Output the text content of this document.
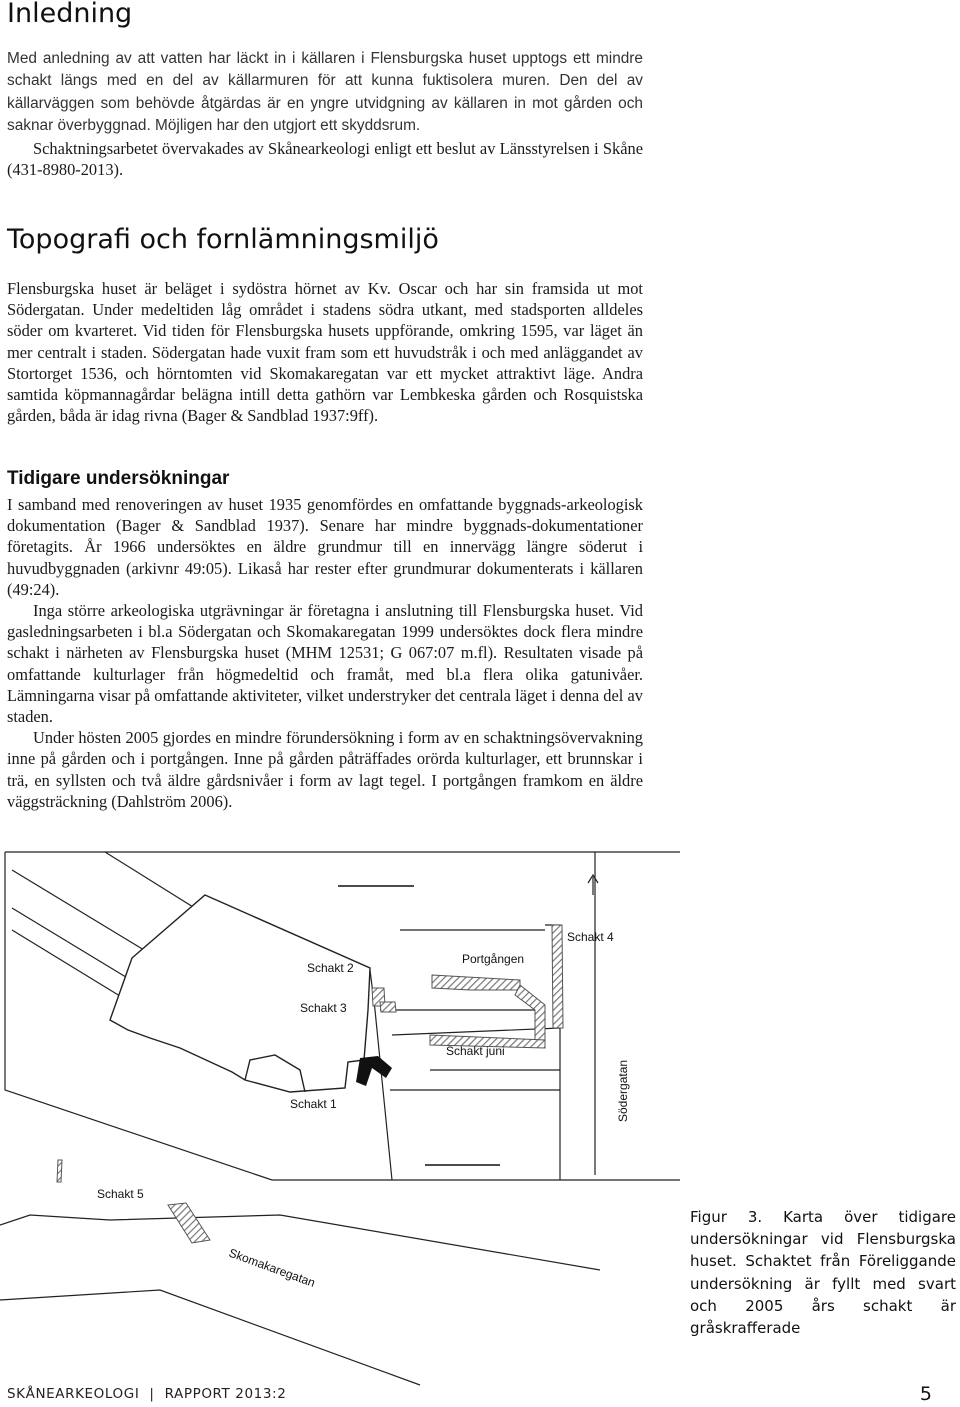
Inledning

Med anledning av att vatten har läckt in i källaren i Flensburgska huset upptogs ett mindre schakt längs med en del av källarmuren för att kunna fuktisolera muren. Den del av källarväggen som behövde åtgärdas är en yngre utvidgning av källaren in mot gården och saknar överbyggnad. Möjligen har den utgjort ett skyddsrum.

Schaktningsarbetet övervakades av Skånearkeologi enligt ett beslut av Länsstyrelsen i Skåne (431-8980-2013).

Topografi och fornlämningsmiljö

Flensburgska huset är beläget i sydöstra hörnet av Kv. Oscar och har sin framsida ut mot Södergatan. Under medeltiden låg området i stadens södra utkant, med stadsporten alldeles söder om kvarteret. Vid tiden för Flensburgska husets uppförande, omkring 1595, var läget än mer centralt i staden. Södergatan hade vuxit fram som ett huvudstråk i och med anläggandet av Stortorget 1536, och hörntomten vid Skomakaregatan var ett mycket attraktivt läge. Andra samtida köpmannagårdar belägna intill detta gathörn var Lembkeska gården och Rosquistska gården, båda är idag rivna (Bager & Sandblad 1937:9ff).

Tidigare undersökningar

I samband med renoveringen av huset 1935 genomfördes en omfattande byggnads-arkeologisk dokumentation (Bager & Sandblad 1937). Senare har mindre byggnads-dokumentationer företagits. År 1966 undersöktes en äldre grundmur till en innervägg längre söderut i huvudbyggnaden (arkivnr 49:05). Likaså har rester efter grundmurar dokumenterats i källaren (49:24).

Inga större arkeologiska utgrävningar är företagna i anslutning till Flensburgska huset. Vid gasledningsarbeten i bl.a Södergatan och Skomakaregatan 1999 undersöktes dock flera mindre schakt i närheten av Flensburgska huset (MHM 12531; G 067:07 m.fl). Resultaten visade på omfattande kulturlager från högmedeltid och framåt, med bl.a flera olika gatunivåer. Lämningarna visar på omfattande aktiviteter, vilket understryker det centrala läget i denna del av staden.

Under hösten 2005 gjordes en mindre förundersökning i form av en schaktningsövervakning inne på gården och i portgången. Inne på gården påträffades orörda kulturlager, ett brunnskar i trä, en syllsten och två äldre gårdsnivåer i form av lagt tegel. I portgången framkom en äldre väggsträckning (Dahlström 2006).

Schakt 2
Schakt 3
Schakt 1
Schakt 4
Schakt 5
Schakt juni
Portgången
Södergatan
Skomakaregatan

Figur 3. Karta över tidigare undersökningar vid Flensburgska huset. Schaktet från Föreliggande undersökning är fyllt med svart och 2005 års schakt är gråskrafferade

SKÅNEARKEOLOGI | RAPPORT 2013:2	5
